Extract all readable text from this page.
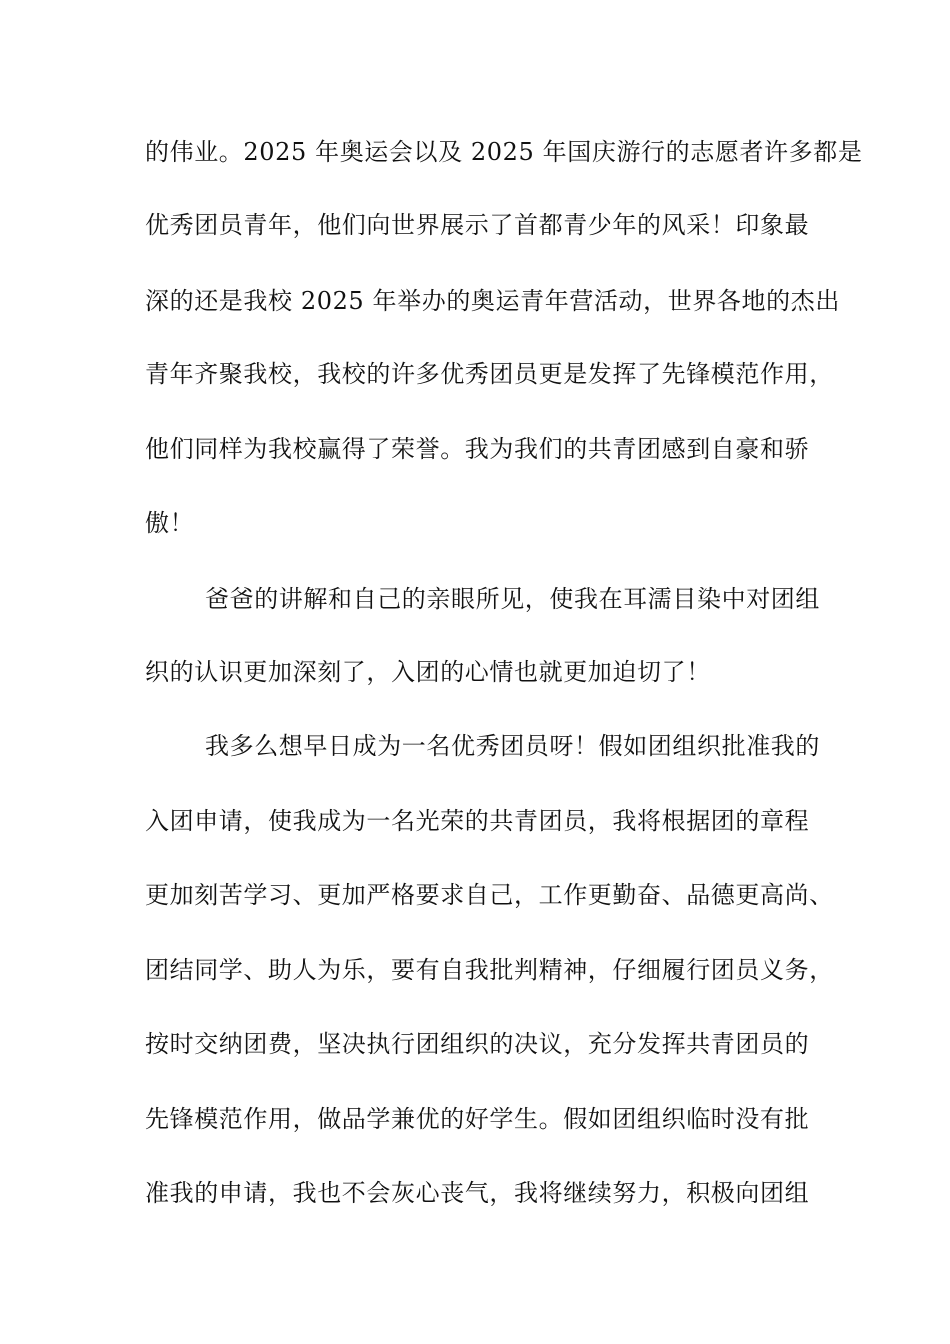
的伟业。2025 年奥运会以及 2025 年国庆游行的志愿者许多都是
优秀团员青年，他们向世界展示了首都青少年的风采！印象最
深的还是我校 2025 年举办的奥运青年营活动，世界各地的杰出
青年齐聚我校，我校的许多优秀团员更是发挥了先锋模范作用，
他们同样为我校赢得了荣誉。我为我们的共青团感到自豪和骄
傲！
爸爸的讲解和自己的亲眼所见，使我在耳濡目染中对团组
织的认识更加深刻了，入团的心情也就更加迫切了！
我多么想早日成为一名优秀团员呀！假如团组织批准我的
入团申请，使我成为一名光荣的共青团员，我将根据团的章程
更加刻苦学习、更加严格要求自己，工作更勤奋、品德更高尚、
团结同学、助人为乐，要有自我批判精神，仔细履行团员义务，
按时交纳团费，坚决执行团组织的决议，充分发挥共青团员的
先锋模范作用，做品学兼优的好学生。假如团组织临时没有批
准我的申请，我也不会灰心丧气，我将继续努力，积极向团组
